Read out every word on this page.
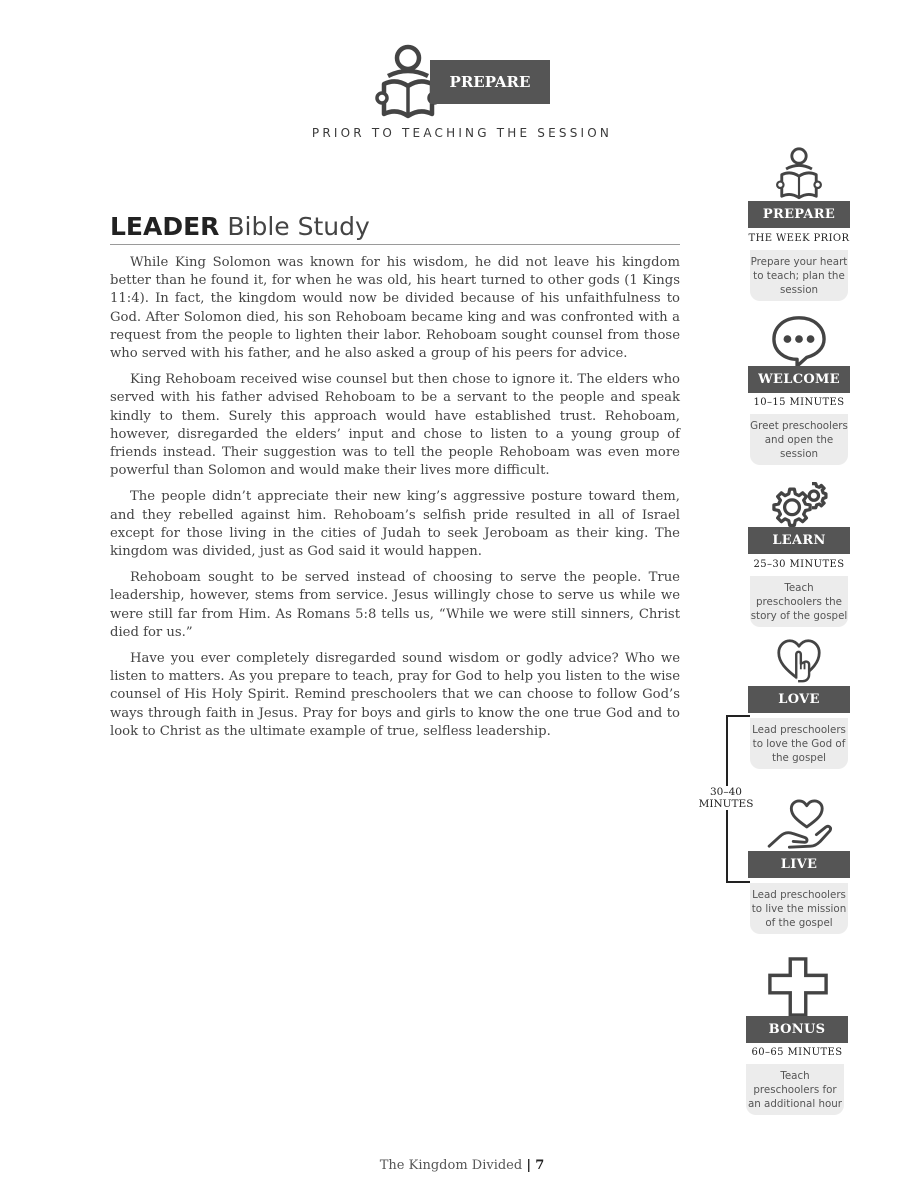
PREPARE
PRIOR TO TEACHING THE SESSION
LEADER Bible Study

While King Solomon was known for his wisdom, he did not leave his kingdom better than he found it, for when he was old, his heart turned to other gods (1 Kings 11:4). In fact, the kingdom would now be divided because of his unfaithfulness to God. After Solomon died, his son Rehoboam became king and was confronted with a request from the people to lighten their labor. Rehoboam sought counsel from those who served with his father, and he also asked a group of his peers for advice.

King Rehoboam received wise counsel but then chose to ignore it. The elders who served with his father advised Rehoboam to be a servant to the people and speak kindly to them. Surely this approach would have established trust. Rehoboam, however, disregarded the elders’ input and chose to listen to a young group of friends instead. Their suggestion was to tell the people Rehoboam was even more powerful than Solomon and would make their lives more difficult.

The people didn’t appreciate their new king’s aggressive posture toward them, and they rebelled against him. Rehoboam’s selfish pride resulted in all of Israel except for those living in the cities of Judah to seek Jeroboam as their king. The kingdom was divided, just as God said it would happen.

Rehoboam sought to be served instead of choosing to serve the people. True leadership, however, stems from service. Jesus willingly chose to serve us while we were still far from Him. As Romans 5:8 tells us, “While we were still sinners, Christ died for us.”

Have you ever completely disregarded sound wisdom or godly advice? Who we listen to matters. As you prepare to teach, pray for God to help you listen to the wise counsel of His Holy Spirit. Remind preschoolers that we can choose to follow God’s ways through faith in Jesus. Pray for boys and girls to know the one true God and to look to Christ as the ultimate example of true, selfless leadership.

PREPARE
THE WEEK PRIOR
Prepare your heart to teach; plan the session
WELCOME
10–15 MINUTES
Greet preschoolers and open the session
LEARN
25–30 MINUTES
Teach preschoolers the story of the gospel
LOVE
Lead preschoolers to love the God of the gospel
LIVE
Lead preschoolers to live the mission of the gospel
BONUS
60–65 MINUTES
Teach preschoolers for an additional hour
30–40
MINUTES
The Kingdom Divided | 7
